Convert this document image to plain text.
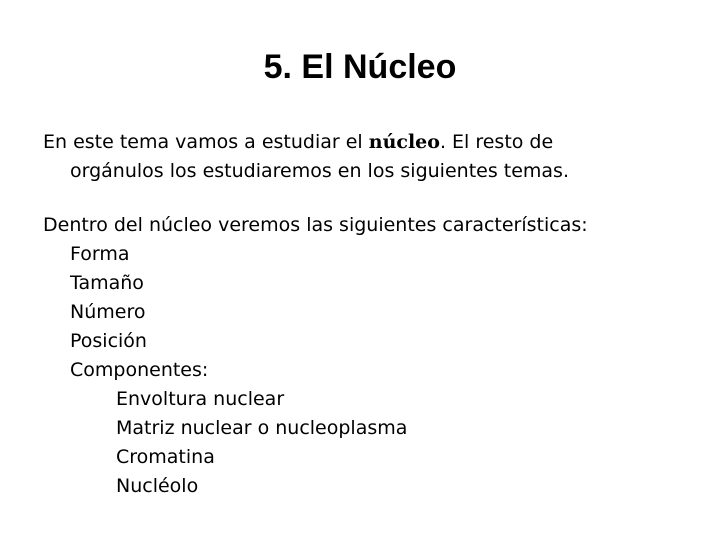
5. El Núcleo
En este tema vamos a estudiar el núcleo. El resto de
orgánulos los estudiaremos en los siguientes temas.
Dentro del núcleo veremos las siguientes características:
Forma
Tamaño
Número
Posición
Componentes:
Envoltura nuclear
Matriz nuclear o nucleoplasma
Cromatina
Nucléolo
